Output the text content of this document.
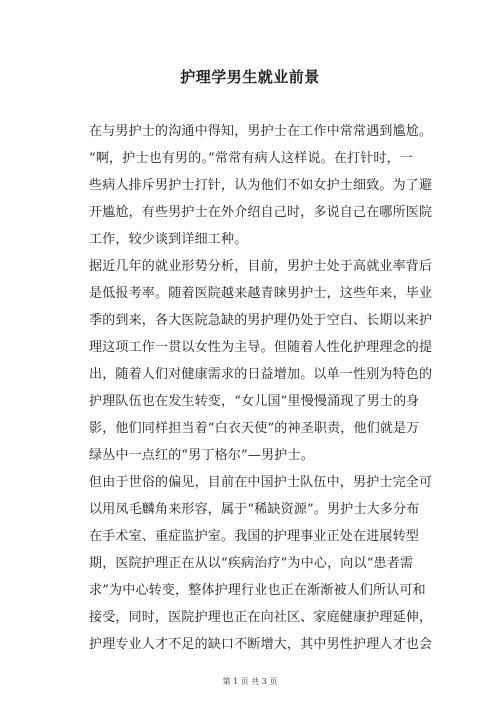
护理学男生就业前景
在与男护士的沟通中得知，男护士在工作中常常遇到尴尬。
“啊，护士也有男的。”常常有病人这样说。在打针时，一
些病人排斥男护士打针，认为他们不如女护士细致。为了避
开尴尬，有些男护士在外介绍自己时，多说自己在哪所医院
工作，较少谈到详细工种。
据近几年的就业形势分析，目前，男护士处于高就业率背后
是低报考率。随着医院越来越青睐男护士，这些年来，毕业
季的到来，各大医院急缺的男护理仍处于空白、长期以来护
理这项工作一贯以女性为主导。但随着人性化护理理念的提
出，随着人们对健康需求的日益增加。以单一性别为特色的
护理队伍也在发生转变，“女儿国”里慢慢涌现了男士的身
影，他们同样担当着“白衣天使”的神圣职责，他们就是万
绿丛中一点红的“男丁格尔”—男护士。
但由于世俗的偏见，目前在中国护士队伍中，男护士完全可
以用凤毛麟角来形容，属于“稀缺资源”。男护士大多分布
在手术室、重症监护室。我国的护理事业正处在进展转型
期，医院护理正在从以“疾病治疗”为中心，向以“患者需
求”为中心转变，整体护理行业也正在渐渐被人们所认可和
接受，同时，医院护理也正在向社区、家庭健康护理延伸，
护理专业人才不足的缺口不断增大，其中男性护理人才也会
第 1 页 共 3 页
